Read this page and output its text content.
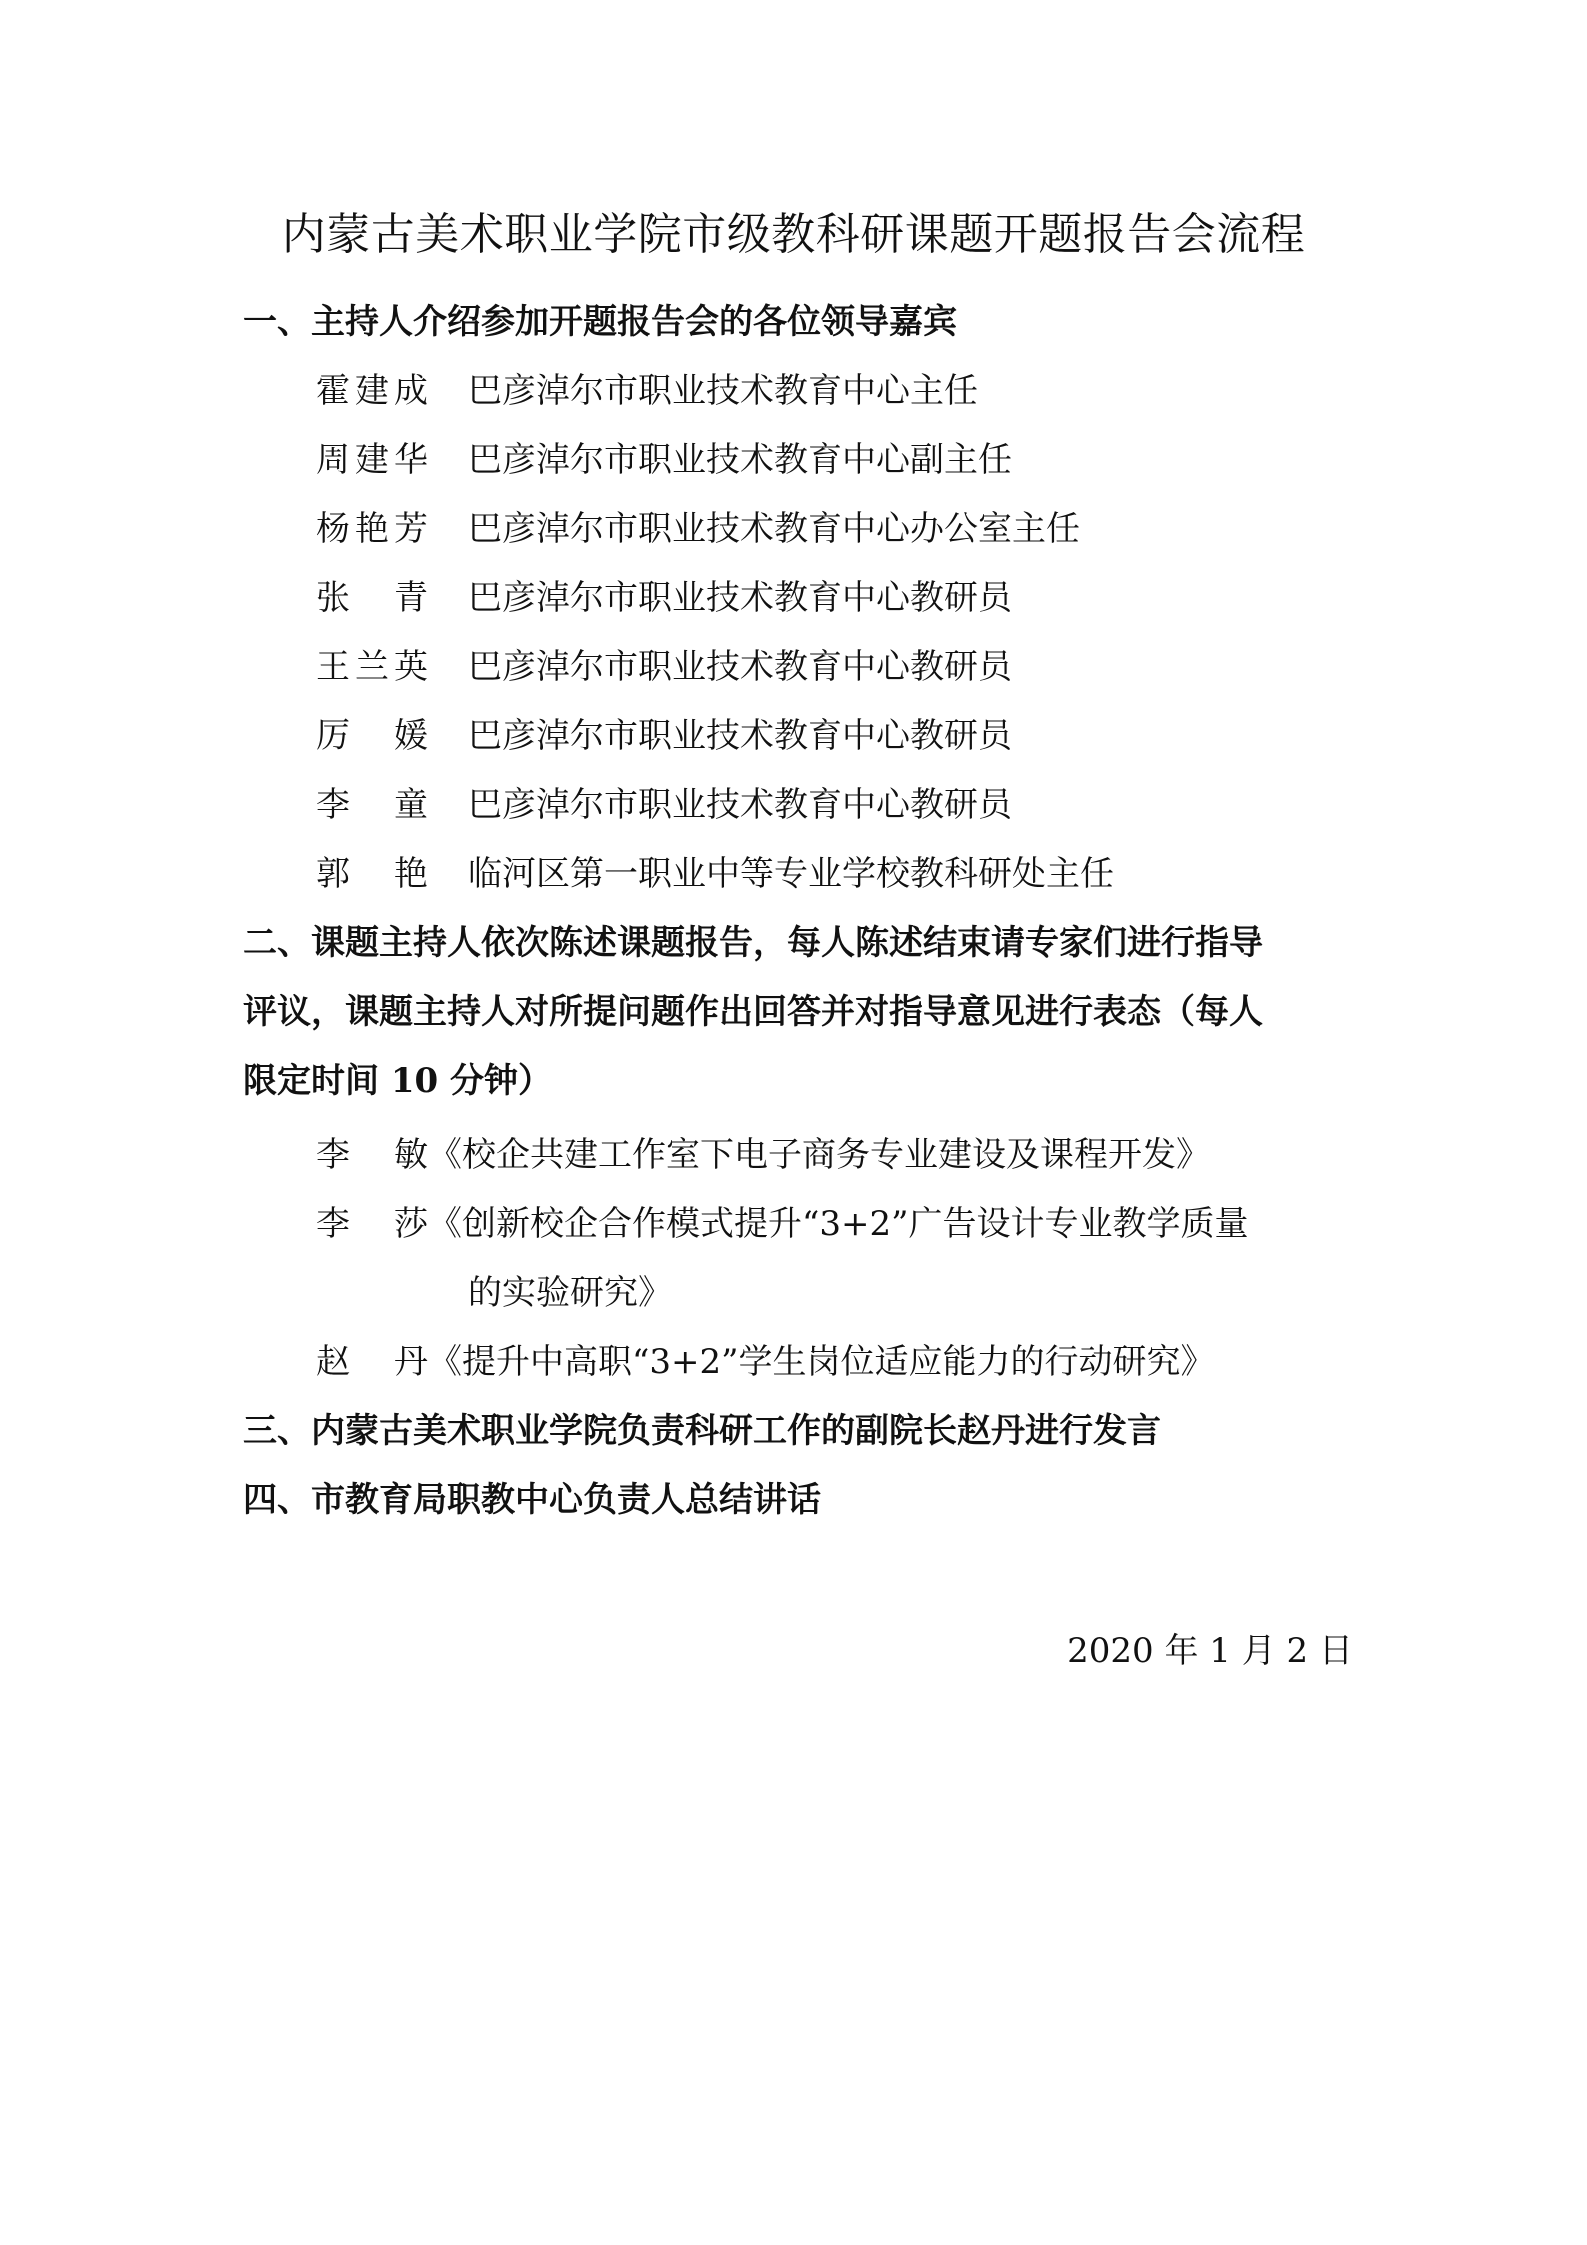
内蒙古美术职业学院市级教科研课题开题报告会流程
一、主持人介绍参加开题报告会的各位领导嘉宾
霍建成 巴彦淖尔市职业技术教育中心主任
周建华 巴彦淖尔市职业技术教育中心副主任
杨艳芳 巴彦淖尔市职业技术教育中心办公室主任
张青 巴彦淖尔市职业技术教育中心教研员
王兰英 巴彦淖尔市职业技术教育中心教研员
厉媛 巴彦淖尔市职业技术教育中心教研员
李童 巴彦淖尔市职业技术教育中心教研员
郭艳 临河区第一职业中等专业学校教科研处主任
二、课题主持人依次陈述课题报告，每人陈述结束请专家们进行指导
评议，课题主持人对所提问题作出回答并对指导意见进行表态（每人
限定时间 10 分钟）
李敏 《校企共建工作室下电子商务专业建设及课程开发》
李莎 《创新校企合作模式提升“3+2”广告设计专业教学质量
的实验研究》
赵丹 《提升中高职“3+2”学生岗位适应能力的行动研究》
三、内蒙古美术职业学院负责科研工作的副院长赵丹进行发言
四、市教育局职教中心负责人总结讲话
2020 年 1 月 2 日
